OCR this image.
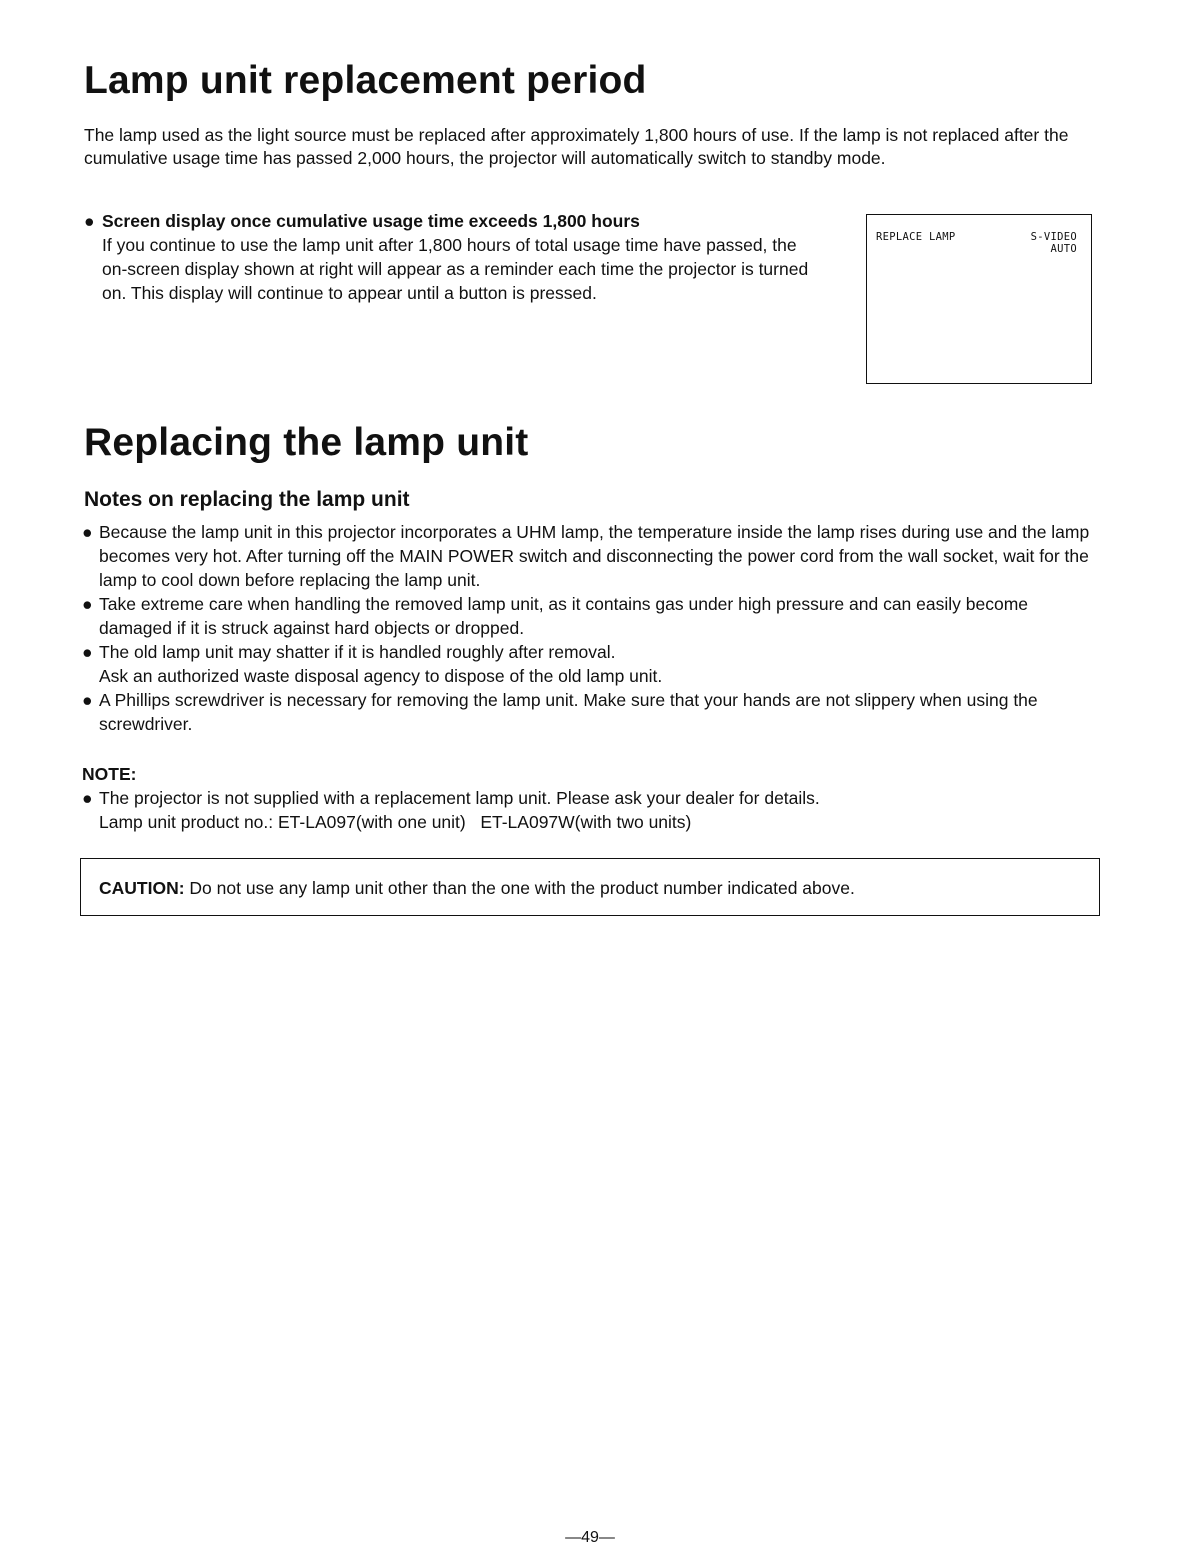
Lamp unit replacement period

The lamp used as the light source must be replaced after approximately 1,800 hours of use. If the lamp is not replaced after the cumulative usage time has passed 2,000 hours, the projector will automatically switch to standby mode.

● Screen display once cumulative usage time exceeds 1,800 hours

If you continue to use the lamp unit after 1,800 hours of total usage time have passed, the on-screen display shown at right will appear as a reminder each time the projector is turned on. This display will continue to appear until a button is pressed.

REPLACE LAMP	S-VIDEO
AUTO
Replacing the lamp unit
Notes on replacing the lamp unit
● Because the lamp unit in this projector incorporates a UHM lamp, the temperature inside the lamp rises during use and the lamp becomes very hot. After turning off the MAIN POWER switch and disconnecting the power cord from the wall socket, wait for the lamp to cool down before replacing the lamp unit.
● Take extreme care when handling the removed lamp unit, as it contains gas under high pressure and can easily become damaged if it is struck against hard objects or dropped.
● The old lamp unit may shatter if it is handled roughly after removal.
Ask an authorized waste disposal agency to dispose of the old lamp unit.
● A Phillips screwdriver is necessary for removing the lamp unit. Make sure that your hands are not slippery when using the screwdriver.

NOTE:

● The projector is not supplied with a replacement lamp unit. Please ask your dealer for details.
Lamp unit product no.: ET-LA097(with one unit)   ET-LA097W(with two units)
CAUTION: Do not use any lamp unit other than the one with the product number indicated above.
—49—
